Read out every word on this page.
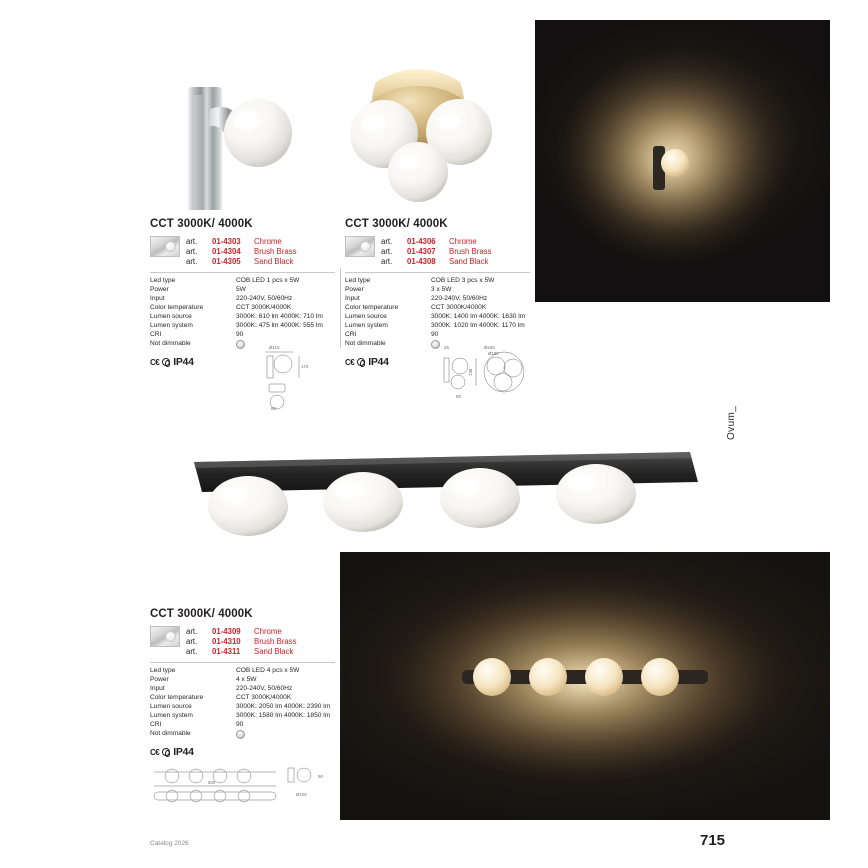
CCT 3000K/ 4000K
art.	01-4303	Chrome
art.	01-4304	Brush Brass
art.	01-4305	Sand Black
Led type	COB LED 1 pcs x 5W
Power	5W
Input	220-240V, 50/60Hz
Color temperature	CCT 3000K/4000K
Lumen source	3000K: 610 lm 4000K: 710 lm
Lumen system	3000K: 475 lm 4000K: 555 lm
CRI	90
Not dimmable	
C€ IP44
Ø110
172
80
CCT 3000K/ 4000K
art.	01-4306	Chrome
art.	01-4307	Brush Brass
art.	01-4308	Sand Black
Led type	COB LED 3 pcs x 5W
Power	3 x 5W
Input	220-240V, 50/60Hz
Color temperature	CCT 3000K/4000K
Lumen source	3000K: 1400 lm 4000K: 1630 lm
Lumen system	3000K: 1020 lm 4000K: 1170 lm
CRI	90
Not dimmable	
C€ IP44
25	Ø240
Ø180
190
80
Ovum_
CCT 3000K/ 4000K
art.	01-4309	Chrome
art.	01-4310	Brush Brass
art.	01-4311	Sand Black
Led type	COB LED 4 pcs x 5W
Power	4 x 5W
Input	220-240V, 50/60Hz
Color temperature	CCT 3000K/4000K
Lumen source	3000K: 2050 lm 4000K: 2390 lm
Lumen system	3000K: 1580 lm 4000K: 1850 lm
CRI	90
Not dimmable	
C€ IP44
600
Ø100
90
Catalog 2026	715
